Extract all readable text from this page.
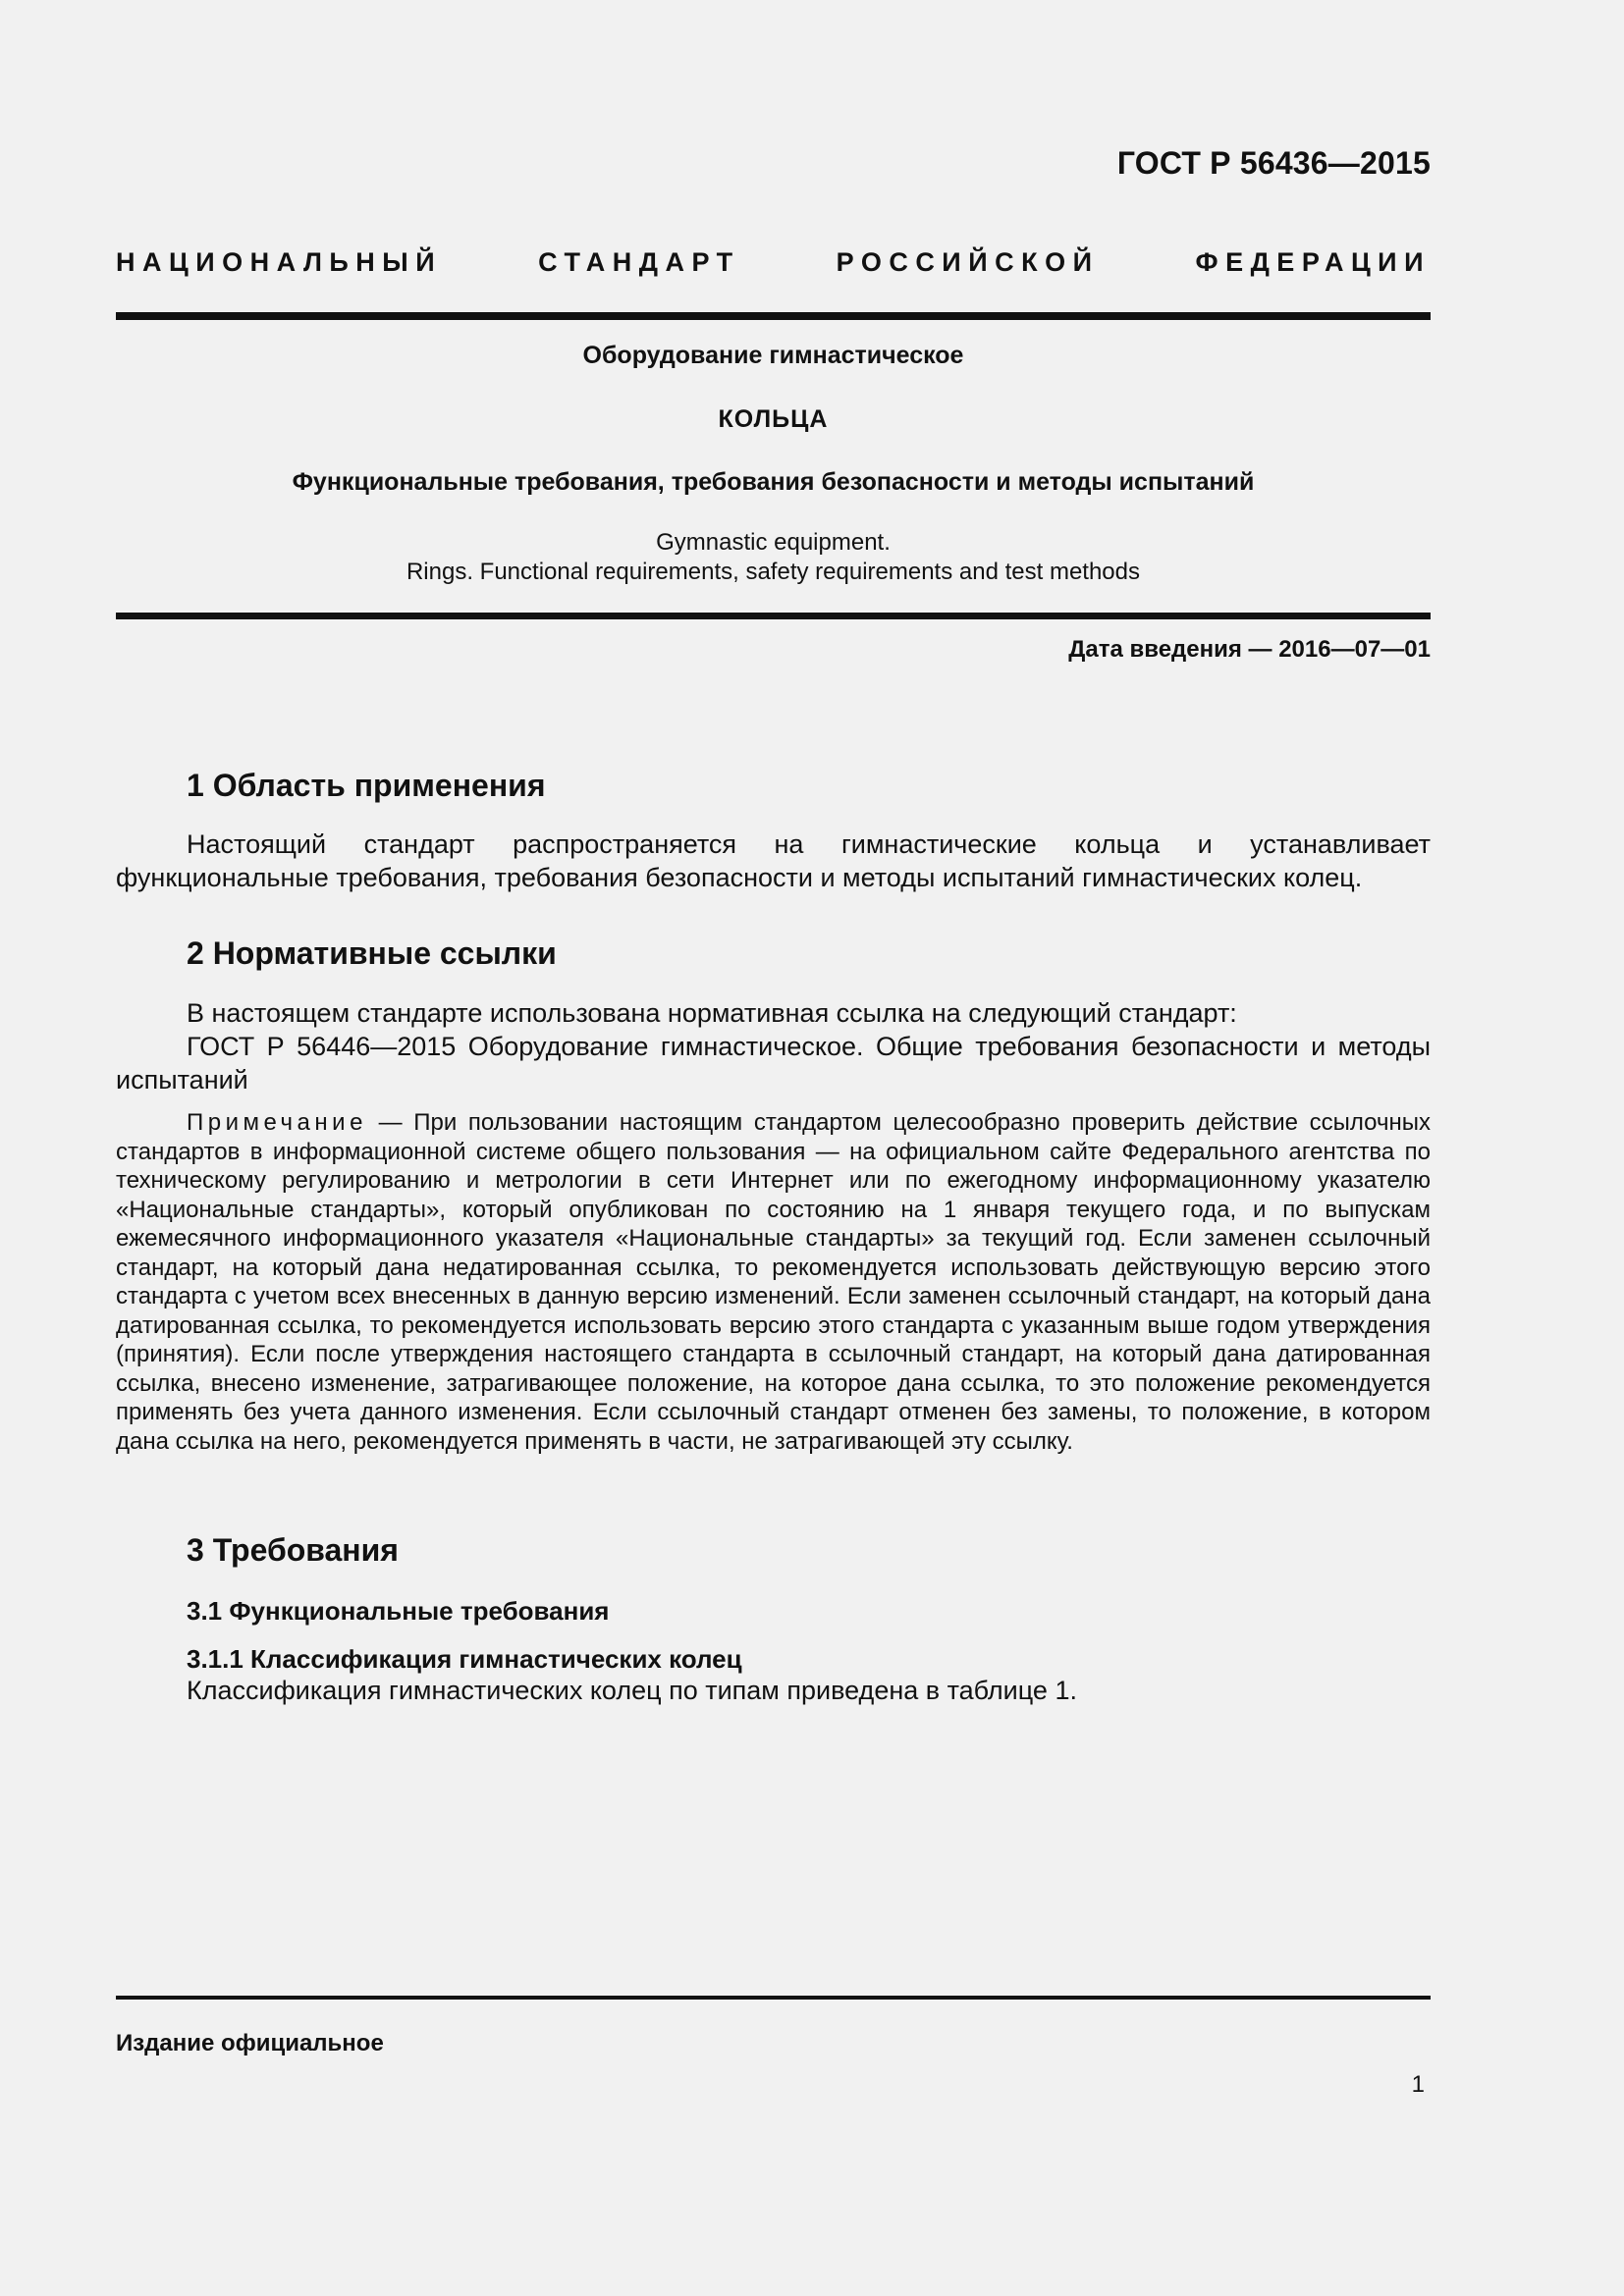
ГОСТ Р 56436—2015
НАЦИОНАЛЬНЫЙ СТАНДАРТ РОССИЙСКОЙ ФЕДЕРАЦИИ
Оборудование гимнастическое
КОЛЬЦА
Функциональные требования, требования безопасности и методы испытаний
Gymnastic equipment.
Rings. Functional requirements, safety requirements and test methods
Дата введения — 2016—07—01
1 Область применения

Настоящий стандарт распространяется на гимнастические кольца и устанавливает функциональные требования, требования безопасности и методы испытаний гимнастических колец.

2 Нормативные ссылки

В настоящем стандарте использована нормативная ссылка на следующий стандарт:

ГОСТ Р 56446—2015 Оборудование гимнастическое. Общие требования безопасности и методы испытаний

Примечание — При пользовании настоящим стандартом целесообразно проверить действие ссылочных стандартов в информационной системе общего пользования — на официальном сайте Федерального агентства по техническому регулированию и метрологии в сети Интернет или по ежегодному информационному указателю «Национальные стандарты», который опубликован по состоянию на 1 января текущего года, и по выпускам ежемесячного информационного указателя «Национальные стандарты» за текущий год. Если заменен ссылочный стандарт, на который дана недатированная ссылка, то рекомендуется использовать действующую версию этого стандарта с учетом всех внесенных в данную версию изменений. Если заменен ссылочный стандарт, на который дана датированная ссылка, то рекомендуется использовать версию этого стандарта с указанным выше годом утверждения (принятия). Если после утверждения настоящего стандарта в ссылочный стандарт, на который дана датированная ссылка, внесено изменение, затрагивающее положение, на которое дана ссылка, то это положение рекомендуется применять без учета данного изменения. Если ссылочный стандарт отменен без замены, то положение, в котором дана ссылка на него, рекомендуется применять в части, не затрагивающей эту ссылку.

3 Требования
3.1 Функциональные требования
3.1.1 Классификация гимнастических колец

Классификация гимнастических колец по типам приведена в таблице 1.

Издание официальное
1
